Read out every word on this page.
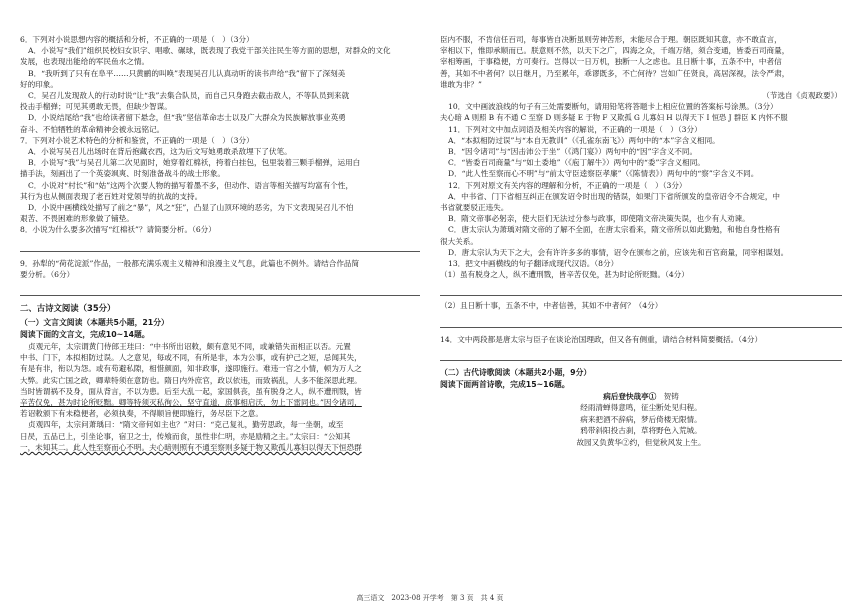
6．下列对小说思想内容的概括和分析，不正确的一项是（　）（3分）

A．小说写“我们”组织民校妇女识字、唱歌、碾球，既表现了我党干部关注民生等方面的思想，对群众的文化

发展，也表现出能给的军民鱼水之情。

B．“我听到了只有在阜平……只黄鹂的叫唤”表现吴召儿认真动听的读书声给“我”留下了深刻美

好的印象。

C．吴召儿发现敌人的行动时说“让“我”去集合队员，而自己只身跑去截击敌人，不等队员到来就

投击手榴弹；可见其勇敢无畏，但缺少智谋。

D．小说结尾给“我”也给读者留下悬念，但“我”坚信革命志士以及广大群众为民族解放事业英勇

奋斗、不怕牺牲的革命精神会被永远铭记。

7．下列对小说艺术特色的分析和鉴赏，不正确的一项是（　）（3分）

A．小说写吴召儿出场时在背后抱藏衣西，这为后文写她勇敢杀敌埋下了伏笔。

B．小说写“我”与吴召儿第二次见面时，她穿着红棉袄，挎着白挂包，包里装着三颗手榴弹，运用白

描手法，刻画出了一个英姿飒爽、时刻准备战斗的战士形象。

C．小说对“村长”和“姑”这两个次要人物的描写着墨不多，但动作、语言等相关描写均富有个性，

其行为也从侧面表现了老百姓对党领导的抗战的支持。

D．小说中画横线处描写了前之“暴”，风之“狂”，凸显了山顶环境的恶劣，为下文表现吴召儿不怕

艰苦、不畏困难的形象做了铺垫。

8．小说为什么要多次描写“红棉袄”？请简要分析。（6分）

9．孙犁的“荷花淀派”作品，一般都充满乐观主义精神和浪漫主义气息，此篇也不例外。请结合作品简

要分析。（6分）

二、古诗文阅读（35分）
（一）文言文阅读（本题共5小题，21分）
阅读下面的文言文，完成10~14题。

贞观元年，太宗谓黄门侍郎王珪曰：“中书所出诏敕，颇有意见不同，或兼错失而相正以否。元置

中书、门下，本拟相防过误。人之意见，每或不同，有所是非，本为公事，或有护己之短，忌闻其失，

有是有非，衔以为怨。或有苟避私隙，相惜颜面，知非政事，遂即施行。难违一官之小情，顿为万人之

大弊。此实亡国之政，卿辈特须在意防也。隋日内外庶官，政以依违，而致祸乱，人多不能深思此理。

当时皆谓祸不及身，面从背言，不以为患。后至大乱一起，家国俱丧，虽有脱身之人，纵不遭刑戮，皆

辛苦仅免，甚为时论所贬黜。卿等特须灭私徇公，坚守直道，庶事相启沃，勿上下雷同也。”因令诸司，

若诏敕颁下有未稳便者，必须执奏，不得顺旨便即施行，务尽臣下之意。

贞观四年，太宗问萧瑀曰：“隋文帝何如主也？”对曰：“克己复礼，勤劳思政，每一坐朝，或至

日昃，五品已上，引坐论事，宿卫之士，传飧而食，虽性非仁明，亦是励精之主。”太宗曰：“公知其

一，未知其二。此人性至察而心不明。夫心暗则照有不通至察则多疑于物又欺孤儿寡妇以得天下恒恐群

臣内不服，不肯信任百司，每事皆自决断虽则劳神苦形，未能尽合于理。朝臣既知其意，亦不敢直言，

宰相以下，惟即承顺而已。朕意则不然，以天下之广，四海之众，千端万绪，须合变通，皆委百司商量，

宰相筹画，于事稳便，方可奏行。岂得以一日万机，独断一人之虑也。且日断十事，五条不中，中者信

善，其如不中者何？以日继月，乃至累年，乖谬既多，不亡何待？岂如广任贤良，高居深视，法令严肃，

谁敢为非？”

（节选自《贞观政要》）

10．文中画波浪线的句子有三处需要断句，请用铅笔将答题卡上相应位置的答案标号涂黑。（3分）

夫心暗 A 则照 B 有不通 C 至察 D 则多疑 E 于物 F 又欺孤 G 儿寡妇 H 以得天下 I 恒恐 J 群臣 K 内怀不服

11．下列对文中加点词语及相关内容的解说，不正确的一项是（　）（3分）

A．“本拟相防过误”与“本自无教训”（《孔雀东南飞》）两句中的“本”字含义相同。

B．“因令诸司”与“因击沛公于坐”（《鸿门宴》）两句中的“因”字含义不同。

C．“皆委百司商量”与“如土委地”（《庖丁解牛》）两句中的“委”字含义相同。

D．“此人性至察而心不明”与“前太守臣逵察臣孝廉”（《陈情表》）两句中的“察”字含义不同。

12．下列对原文有关内容的理解和分析，不正确的一项是（　）（3分）

A．中书省、门下省相互纠正在颁发诏令时出现的错误，如果门下省所颁发的皇帝诏令不合规定，中

书省就要驳正违失。

B．隋文帝事必躬亲，使大臣们无法过分参与政事，即使隋文帝决策失误，也少有人劝谏。

C．唐太宗认为萧瑀对隋文帝的了解不全面，在唐太宗看来，隋文帝所以如此勤勉，和他自身性格有

很大关系。

D．唐太宗认为天下之大，会有许许多多的事情，诏令在颁布之前，应该先和百官商量，同宰相谋划。

13．把文中画横线的句子翻译成现代汉语。（8分）

（1）虽有脱身之人，纵不遭刑戮，皆辛苦仅免，甚为时论所贬黜。（4分）

（2）且日断十事，五条不中，中者信善，其如不中者何？（4分）

14．文中两段都是唐太宗与臣子在谈论治国理政，但又各有侧重，请结合材料简要概括。（4分）

（二）古代诗歌阅读（本题共2小题，9分）
阅读下面两首诗歌，完成15~16题。
病后登快哉亭① 贺铸
经雨清蝉得意鸣，征尘断处见归程。
病来把酒不辞病，梦后倚楼无限情。
鸦带斜阳投古刹，草将野色入荒城。
故园又负黄华②约，但觉秋风发上生。
高三语文　2023-08 开学考　第 3 页　共 4 页
